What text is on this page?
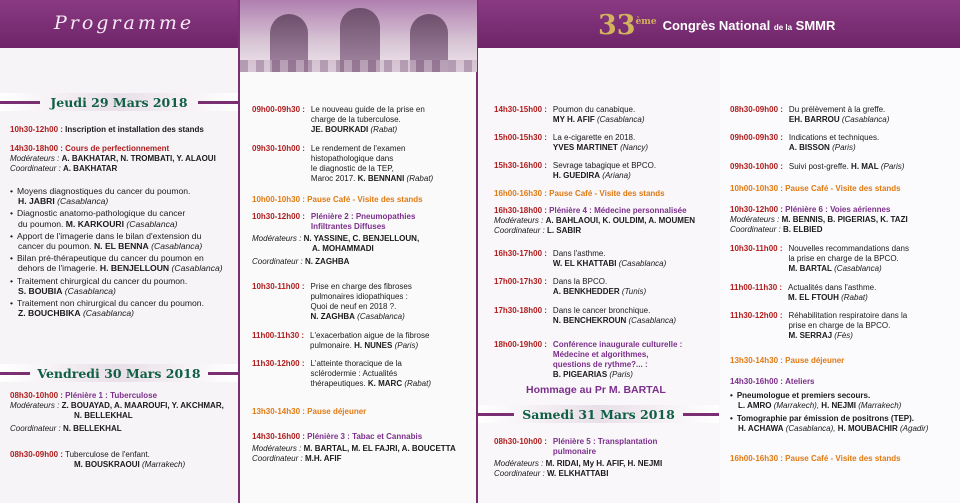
Programme	33ème Congrès National de la SMMR
Jeudi 29 Mars 2018
10h30-12h00 : Inscription et installation des stands
14h30-18h00 : Cours de perfectionnement
Modérateurs : A. BAKHATAR, N. TROMBATI, Y. ALAOUI
Coordinateur : A. BAKHATAR
• Moyens diagnostiques du cancer du poumon.
H. JABRI (Casablanca)
• Diagnostic anatomo-pathologique du cancer
du poumon. M. KARKOURI (Casablanca)
• Apport de l'imagerie dans le bilan d'extension du
cancer du poumon. N. EL BENNA (Casablanca)
• Bilan pré-thérapeutique du cancer du poumon en
dehors de l'imagerie. H. BENJELLOUN (Casablanca)
• Traitement chirurgical du cancer du poumon.
S. BOUBIA (Casablanca)
• Traitement non chirurgical du cancer du poumon.
Z. BOUCHBIKA (Casablanca)
Vendredi 30 Mars 2018
08h30-10h00 : Plénière 1 : Tuberculose
Modérateurs : Z. BOUAYAD, A. MAAROUFI, Y. AKCHMAR,
N. BELLEKHAL
Coordinateur : N. BELLEKHAL
08h30-09h00 : Tuberculose de l'enfant.
M. BOUSKRAOUI (Marrakech)
09h00-09h30 : Le nouveau guide de la prise en
charge de la tuberculose.
JE. BOURKADI (Rabat)
09h30-10h00 : Le rendement de l'examen
histopathologique dans
le diagnostic de la TEP,
Maroc 2017. K. BENNANI (Rabat)
10h00-10h30 : Pause Café - Visite des stands
10h30-12h00 : Plénière 2 : Pneumopathies
Infiltrantes Diffuses
Modérateurs : N. YASSINE, C. BENJELLOUN,
A. MOHAMMADI
Coordinateur : N. ZAGHBA
10h30-11h00 : Prise en charge des fibroses
pulmonaires idiopathiques :
Quoi de neuf en 2018 ?.
N. ZAGHBA (Casablanca)
11h00-11h30 : L'exacerbation aigue de la fibrose
pulmonaire. H. NUNES (Paris)
11h30-12h00 : L'atteinte thoracique de la
sclérodermie : Actualités
thérapeutiques. K. MARC (Rabat)
13h30-14h30 : Pause déjeuner
14h30-16h00 : Plénière 3 : Tabac et Cannabis
Modérateurs : M. BARTAL, M. EL FAJRI, A. BOUCETTA
Coordinateur : M.H. AFIF
14h30-15h00 : Poumon du canabique.
MY H. AFIF (Casablanca)
15h00-15h30 : La e-cigarette en 2018.
YVES MARTINET (Nancy)
15h30-16h00 : Sevrage tabagique et BPCO.
H. GUEDIRA (Ariana)
16h00-16h30 : Pause Café - Visite des stands
16h30-18h00 : Plénière 4 : Médecine personnalisée
Modérateurs : A. BAHLAOUI, K. OULDIM, A. MOUMEN
Coordinateur : L. SABIR
16h30-17h00 : Dans l'asthme.
W. EL KHATTABI (Casablanca)
17h00-17h30 : Dans la BPCO.
A. BENKHEDDER (Tunis)
17h30-18h00 : Dans le cancer bronchique.
N. BENCHEKROUN (Casablanca)
18h00-19h00 : Conférence inaugurale culturelle :
Médecine et algorithmes,
questions de rythme?... :
B. PIGEARIAS (Paris)
Hommage au Pr M. BARTAL
Samedi 31 Mars 2018
08h30-10h00 : Plénière 5 : Transplantation
pulmonaire
Modérateurs : M. RIDAI, My H. AFIF, H. NEJMI
Coordinateur : W. ELKHATTABI
08h30-09h00 : Du prélèvement à la greffe.
EH. BARROU (Casablanca)
09h00-09h30 : Indications et techniques.
A. BISSON (Paris)
09h30-10h00 : Suivi post-greffe. H. MAL (Paris)
10h00-10h30 : Pause Café - Visite des stands
10h30-12h00 : Plénière 6 : Voies aériennes
Modérateurs : M. BENNIS, B. PIGERIAS, K. TAZI
Coordinateur : B. ELBIED
10h30-11h00 : Nouvelles recommandations dans
la prise en charge de la BPCO.
M. BARTAL (Casablanca)
11h00-11h30 : Actualités dans l'asthme.
M. EL FTOUH (Rabat)
11h30-12h00 : Réhabilitation respiratoire dans la
prise en charge de la BPCO.
M. SERRAJ (Fès)
13h30-14h30 : Pause déjeuner
14h30-16h00 : Ateliers
• Pneumologue et premiers secours.
L. AMRO (Marrakech), H. NEJMI (Marrakech)
• Tomographie par émission de positrons (TEP).
H. ACHAWA (Casablanca), H. MOUBACHIR (Agadir)
16h00-16h30 : Pause Café - Visite des stands
